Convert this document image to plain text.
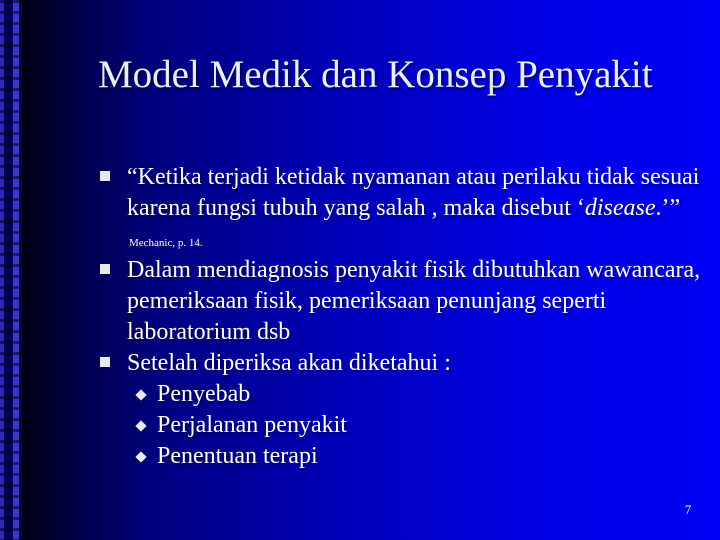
Model Medik dan Konsep Penyakit
“Ketika terjadi ketidak nyamanan atau perilaku tidak sesuai karena fungsi tubuh yang salah , maka disebut ‘disease.’” Mechanic, p. 14.
Dalam mendiagnosis penyakit fisik dibutuhkan wawancara, pemeriksaan fisik, pemeriksaan penunjang seperti laboratorium dsb
Setelah diperiksa akan diketahui :
Penyebab
Perjalanan penyakit
Penentuan terapi
7
